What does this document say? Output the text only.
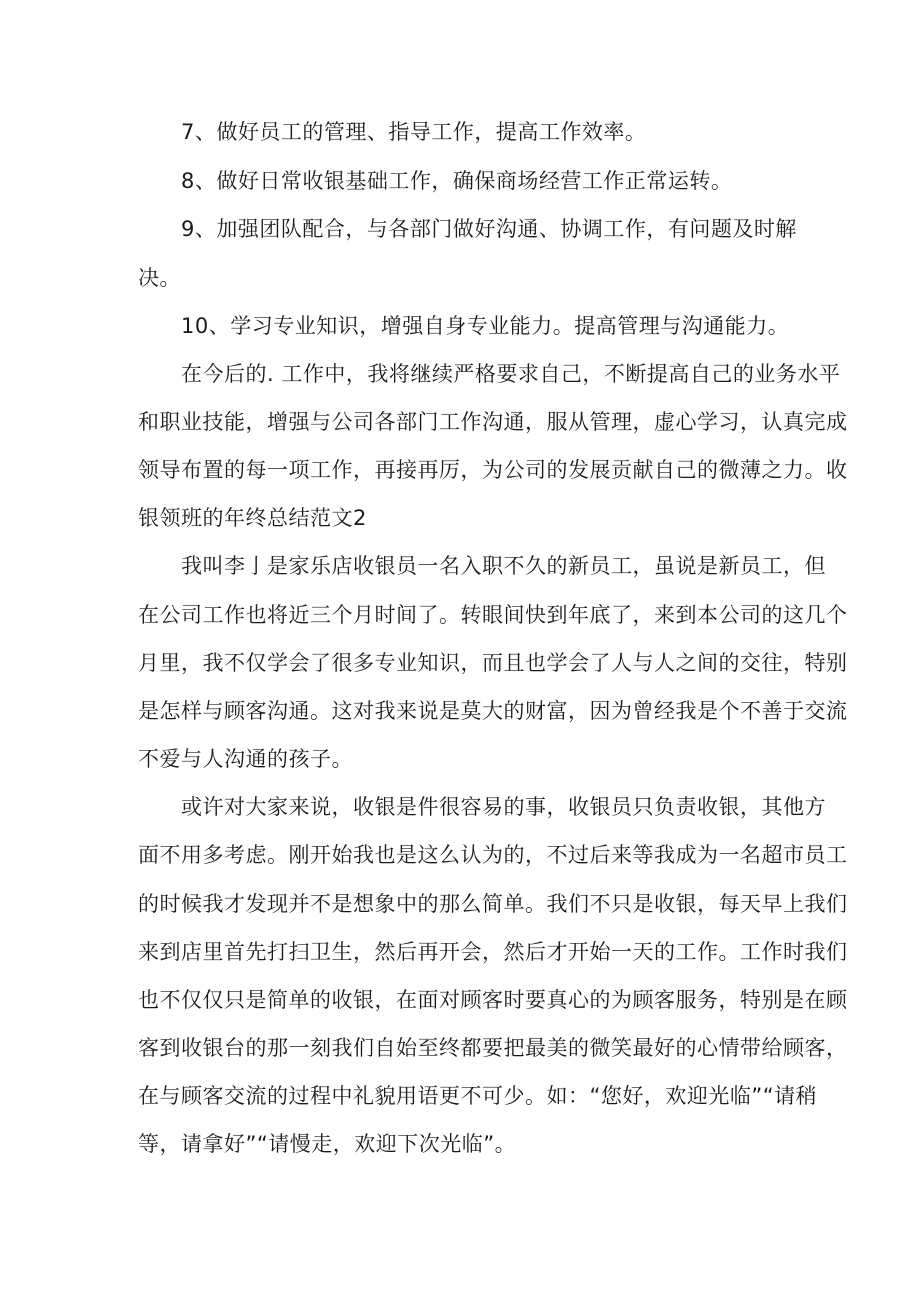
7、做好员工的管理、指导工作，提高工作效率。
8、做好日常收银基础工作，确保商场经营工作正常运转。
9、加强团队配合，与各部门做好沟通、协调工作，有问题及时解
决。
10、学习专业知识，增强自身专业能力。提高管理与沟通能力。
在今后的. 工作中，我将继续严格要求自己，不断提高自己的业务水平
和职业技能，增强与公司各部门工作沟通，服从管理，虚心学习，认真完成
领导布置的每一项工作，再接再厉，为公司的发展贡献自己的微薄之力。收
银领班的年终总结范文2
我叫李亅是家乐店收银员一名入职不久的新员工，虽说是新员工，但
在公司工作也将近三个月时间了。转眼间快到年底了，来到本公司的这几个
月里，我不仅学会了很多专业知识，而且也学会了人与人之间的交往，特别
是怎样与顾客沟通。这对我来说是莫大的财富，因为曾经我是个不善于交流
不爱与人沟通的孩子。
或许对大家来说，收银是件很容易的事，收银员只负责收银，其他方
面不用多考虑。刚开始我也是这么认为的，不过后来等我成为一名超市员工
的时候我才发现并不是想象中的那么简单。我们不只是收银，每天早上我们
来到店里首先打扫卫生，然后再开会，然后才开始一天的工作。工作时我们
也不仅仅只是简单的收银，在面对顾客时要真心的为顾客服务，特别是在顾
客到收银台的那一刻我们自始至终都要把最美的微笑最好的心情带给顾客，
在与顾客交流的过程中礼貌用语更不可少。如：“您好，欢迎光临”“请稍
等，请拿好”“请慢走，欢迎下次光临”。
